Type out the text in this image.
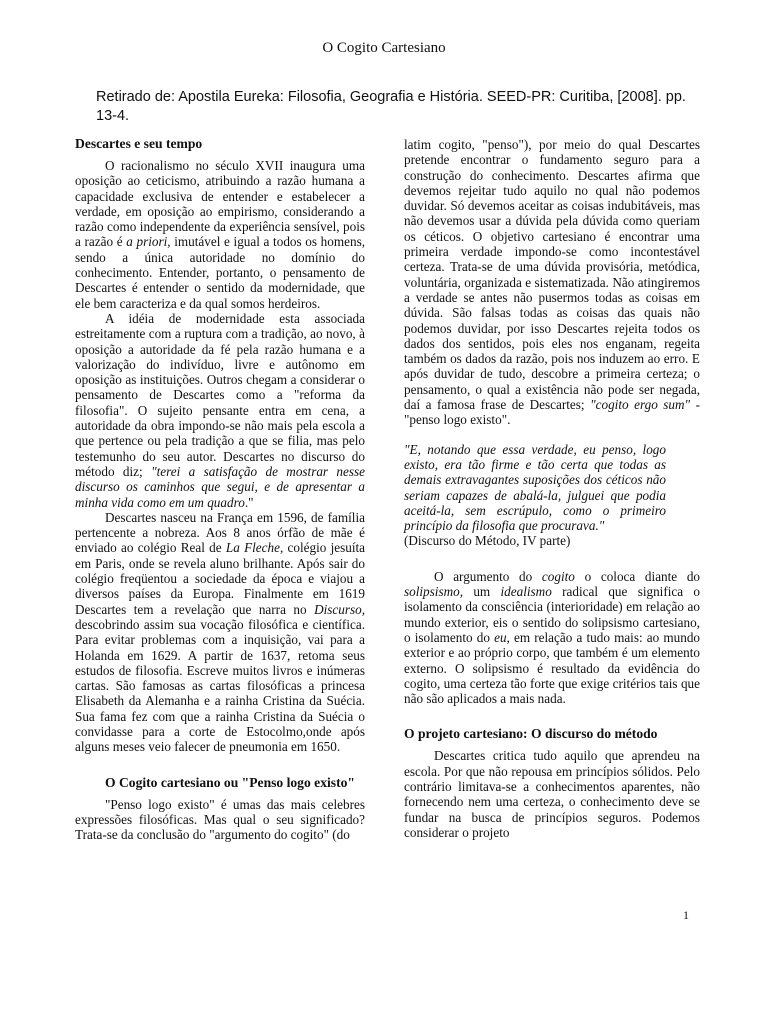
O Cogito Cartesiano

Retirado de: Apostila Eureka: Filosofia, Geografia e História. SEED-PR: Curitiba, [2008]. pp. 13-4.

Descartes e seu tempo

O racionalismo no século XVII inaugura uma oposição ao ceticismo, atribuindo a razão humana a capacidade exclusiva de entender e estabelecer a verdade, em oposição ao empirismo, considerando a razão como independente da experiência sensível, pois a razão é a priori, imutável e igual a todos os homens, sendo a única autoridade no domínio do conhecimento. Entender, portanto, o pensamento de Descartes é entender o sentido da modernidade, que ele bem caracteriza e da qual somos herdeiros.

A idéia de modernidade esta associada estreitamente com a ruptura com a tradição, ao novo, à oposição a autoridade da fé pela razão humana e a valorização do indivíduo, livre e autônomo em oposição as instituições. Outros chegam a considerar o pensamento de Descartes como a "reforma da filosofia". O sujeito pensante entra em cena, a autoridade da obra impondo-se não mais pela escola a que pertence ou pela tradição a que se filia, mas pelo testemunho do seu autor. Descartes no discurso do método diz; "terei a satisfação de mostrar nesse discurso os caminhos que segui, e de apresentar a minha vida como em um quadro."

Descartes nasceu na França em 1596, de família pertencente a nobreza. Aos 8 anos órfão de mãe é enviado ao colégio Real de La Fleche, colégio jesuíta em Paris, onde se revela aluno brilhante. Após sair do colégio freqüentou a sociedade da época e viajou a diversos países da Europa. Finalmente em 1619 Descartes tem a revelação que narra no Discurso, descobrindo assim sua vocação filosófica e científica. Para evitar problemas com a inquisição, vai para a Holanda em 1629. A partir de 1637, retoma seus estudos de filosofia. Escreve muitos livros e inúmeras cartas. São famosas as cartas filosóficas a princesa Elisabeth da Alemanha e a rainha Cristina da Suécia. Sua fama fez com que a rainha Cristina da Suécia o convidasse para a corte de Estocolmo,onde após alguns meses veio falecer de pneumonia em 1650.

O Cogito cartesiano ou "Penso logo existo"

"Penso logo existo" é umas das mais celebres expressões filosóficas. Mas qual o seu significado? Trata-se da conclusão do "argumento do cogito" (do

latim cogito, "penso"), por meio do qual Descartes pretende encontrar o fundamento seguro para a construção do conhecimento. Descartes afirma que devemos rejeitar tudo aquilo no qual não podemos duvidar. Só devemos aceitar as coisas indubitáveis, mas não devemos usar a dúvida pela dúvida como queriam os céticos. O objetivo cartesiano é encontrar uma primeira verdade impondo-se como incontestável certeza. Trata-se de uma dúvida provisória, metódica, voluntária, organizada e sistematizada. Não atingiremos a verdade se antes não pusermos todas as coisas em dúvida. São falsas todas as coisas das quais não podemos duvidar, por isso Descartes rejeita todos os dados dos sentidos, pois eles nos enganam, regeita também os dados da razão, pois nos induzem ao erro. E após duvidar de tudo, descobre a primeira certeza; o pensamento, o qual a existência não pode ser negada, daí a famosa frase de Descartes; "cogito ergo sum" - "penso logo existo".

"E, notando que essa verdade, eu penso, logo existo, era tão firme e tão certa que todas as demais extravagantes suposições dos céticos não seriam capazes de abalá-la, julguei que podia aceitá-la, sem escrúpulo, como o primeiro princípio da filosofia que procurava."

(Discurso do Método, IV parte)

O argumento do cogito o coloca diante do solipsismo, um idealismo radical que significa o isolamento da consciência (interioridade) em relação ao mundo exterior, eis o sentido do solipsismo cartesiano, o isolamento do eu, em relação a tudo mais: ao mundo exterior e ao próprio corpo, que também é um elemento externo. O solipsismo é resultado da evidência do cogito, uma certeza tão forte que exige critérios tais que não são aplicados a mais nada.

O projeto cartesiano: O discurso do método

Descartes critica tudo aquilo que aprendeu na escola. Por que não repousa em princípios sólidos. Pelo contrário limitava-se a conhecimentos aparentes, não fornecendo nem uma certeza, o conhecimento deve se fundar na busca de princípios seguros. Podemos considerar o projeto

1
